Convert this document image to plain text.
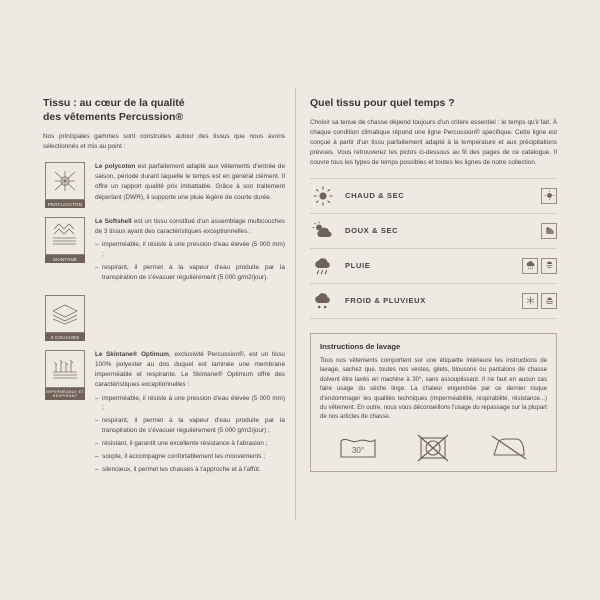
Tissu : au cœur de la qualité
des vêtements Percussion®

Nos principales gammes sont construites autour des tissus que nous avons sélectionnés et mis au point :

PERCUCOTON
Le polycoton est parfaitement adapté aux vêtements d'entrée de saison, période durant laquelle le temps est en général clément. Il offre un rapport qualité prix imbattable. Grâce à son traitement déperlant (DWR), il supporte une pluie légère de courte durée.
SKINTANE
Le Softshell est un tissu constitué d'un assemblage multicouches de 3 tissus ayant des caractéristiques exceptionnelles :
– imperméable, il résiste à une pression d'eau élevée (5 000 mm) ;
– respirant, il permet à la vapeur d'eau produite par la transpiration de s'évacuer régulièrement (5 000 g/m2/jour).
3 COUCHES
IMPERMÉABLE ET RESPIRANT
Le Skintane® Optimum, exclusivité Percussion®, est un tissu 100% polyester au dos duquel est laminée une membrane imperméable et respirante. Le Skintane® Optimum offre des caractéristiques exceptionnelles :
– imperméable, il résiste à une pression d'eau élevée (5 000 mm) ;
– respirant, il permet à la vapeur d'eau produite par la transpiration de s'évacuer régulièrement (5 000 g/m2/jour) ;
– résistant, il garantit une excellente résistance à l'abrasion ;
– souple, il accompagne confortablement les mouvements ;
– silencieux, il permet les chasses à l'approche et à l'affût.
Quel tissu pour quel temps ?

Choisir sa tenue de chasse dépend toujours d'un critère essentiel : le temps qu'il fait. À chaque condition climatique répond une ligne Percussion® spécifique. Cette ligne est conçue à partir d'un tissu parfaitement adapté à la température et aux précipitations prévues. Vous retrouverez les pictos ci-dessous au fil des pages de ce catalogue. Il couvre tous les types de temps possibles et toutes les lignes de notre collection.

CHAUD & SEC
DOUX & SEC
PLUIE
FROID & PLUVIEUX
Instructions de lavage

Tous nos vêtements comportent sur une étiquette intérieure les instructions de lavage, sachez que, toutes nos vestes, gilets, blousons ou pantalons de chasse doivent être lavés en machine à 30°, sans assouplissant. Il ne faut en aucun cas faire usage du sèche linge. La chaleur engendrée par ce dernier risque d'endommager les qualités techniques (imperméabilité, respirabilité, résistance...) du vêtement. En outre, nous vous déconseillons l'usage du repassage sur la plupart de nos articles de chasse.

30°
